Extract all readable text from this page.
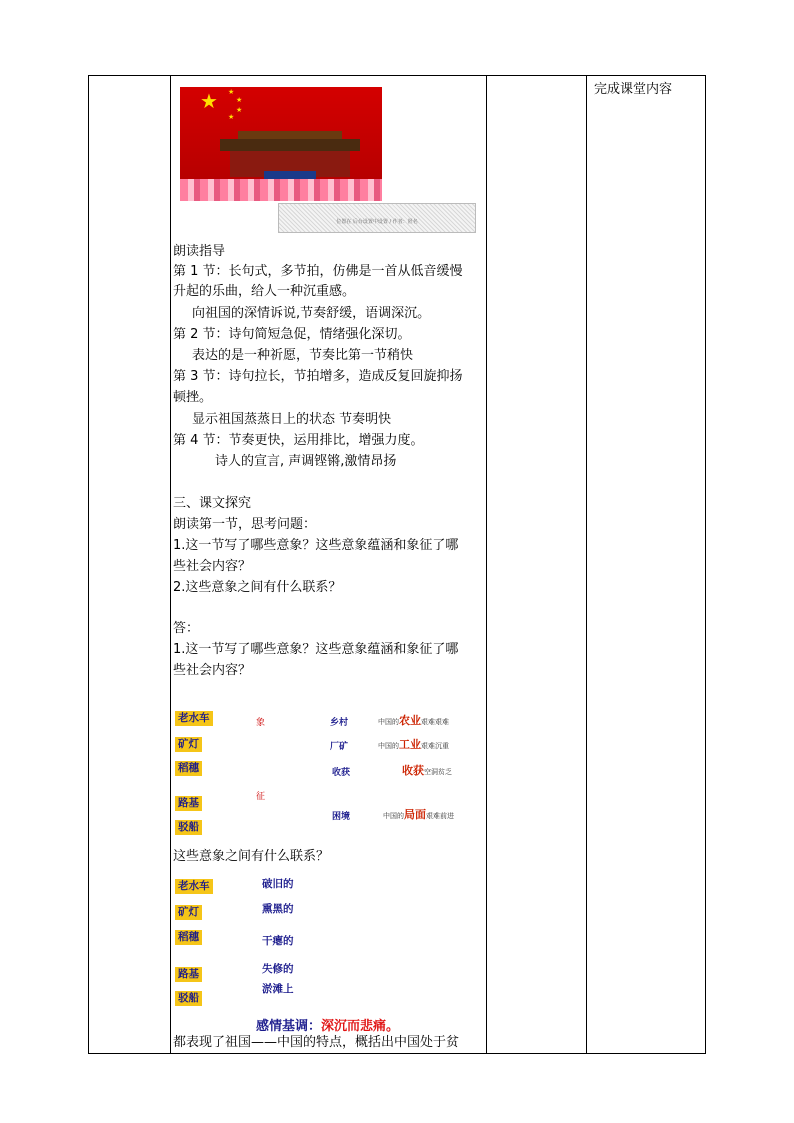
完成课堂内容
★ ★
★
★
★
位置在 后台设置中设置 / 作者：匿名
朗读指导
第 1 节：长句式，多节拍，仿佛是一首从低音缓慢
升起的乐曲，给人一种沉重感。
向祖国的深情诉说,节奏舒缓，语调深沉。
第 2 节：诗句简短急促，情绪强化深切。
表达的是一种祈愿，节奏比第一节稍快
第 3 节：诗句拉长，节拍增多，造成反复回旋抑扬
顿挫。
显示祖国蒸蒸日上的状态 节奏明快
第 4 节：节奏更快，运用排比，增强力度。
诗人的宣言, 声调铿锵,激情昂扬
三、课文探究
朗读第一节，思考问题：
1.这一节写了哪些意象？这些意象蕴涵和象征了哪
些社会内容？
2.这些意象之间有什么联系？
答：
1.这一节写了哪些意象？这些意象蕴涵和象征了哪
些社会内容？
老水车
矿灯
稻穗
路基
驳船
象
征
乡村
厂矿
收获
困境
中国的农业艰难艰难
中国的工业艰难沉重
收获空洞贫乏
中国的局面艰难前进
这些意象之间有什么联系？
老水车
矿灯
稻穗
路基
驳船
破旧的
熏黑的
干瘪的
失修的
淤滩上
感情基调：深沉而悲痛。
都表现了祖国——中国的特点，概括出中国处于贫
